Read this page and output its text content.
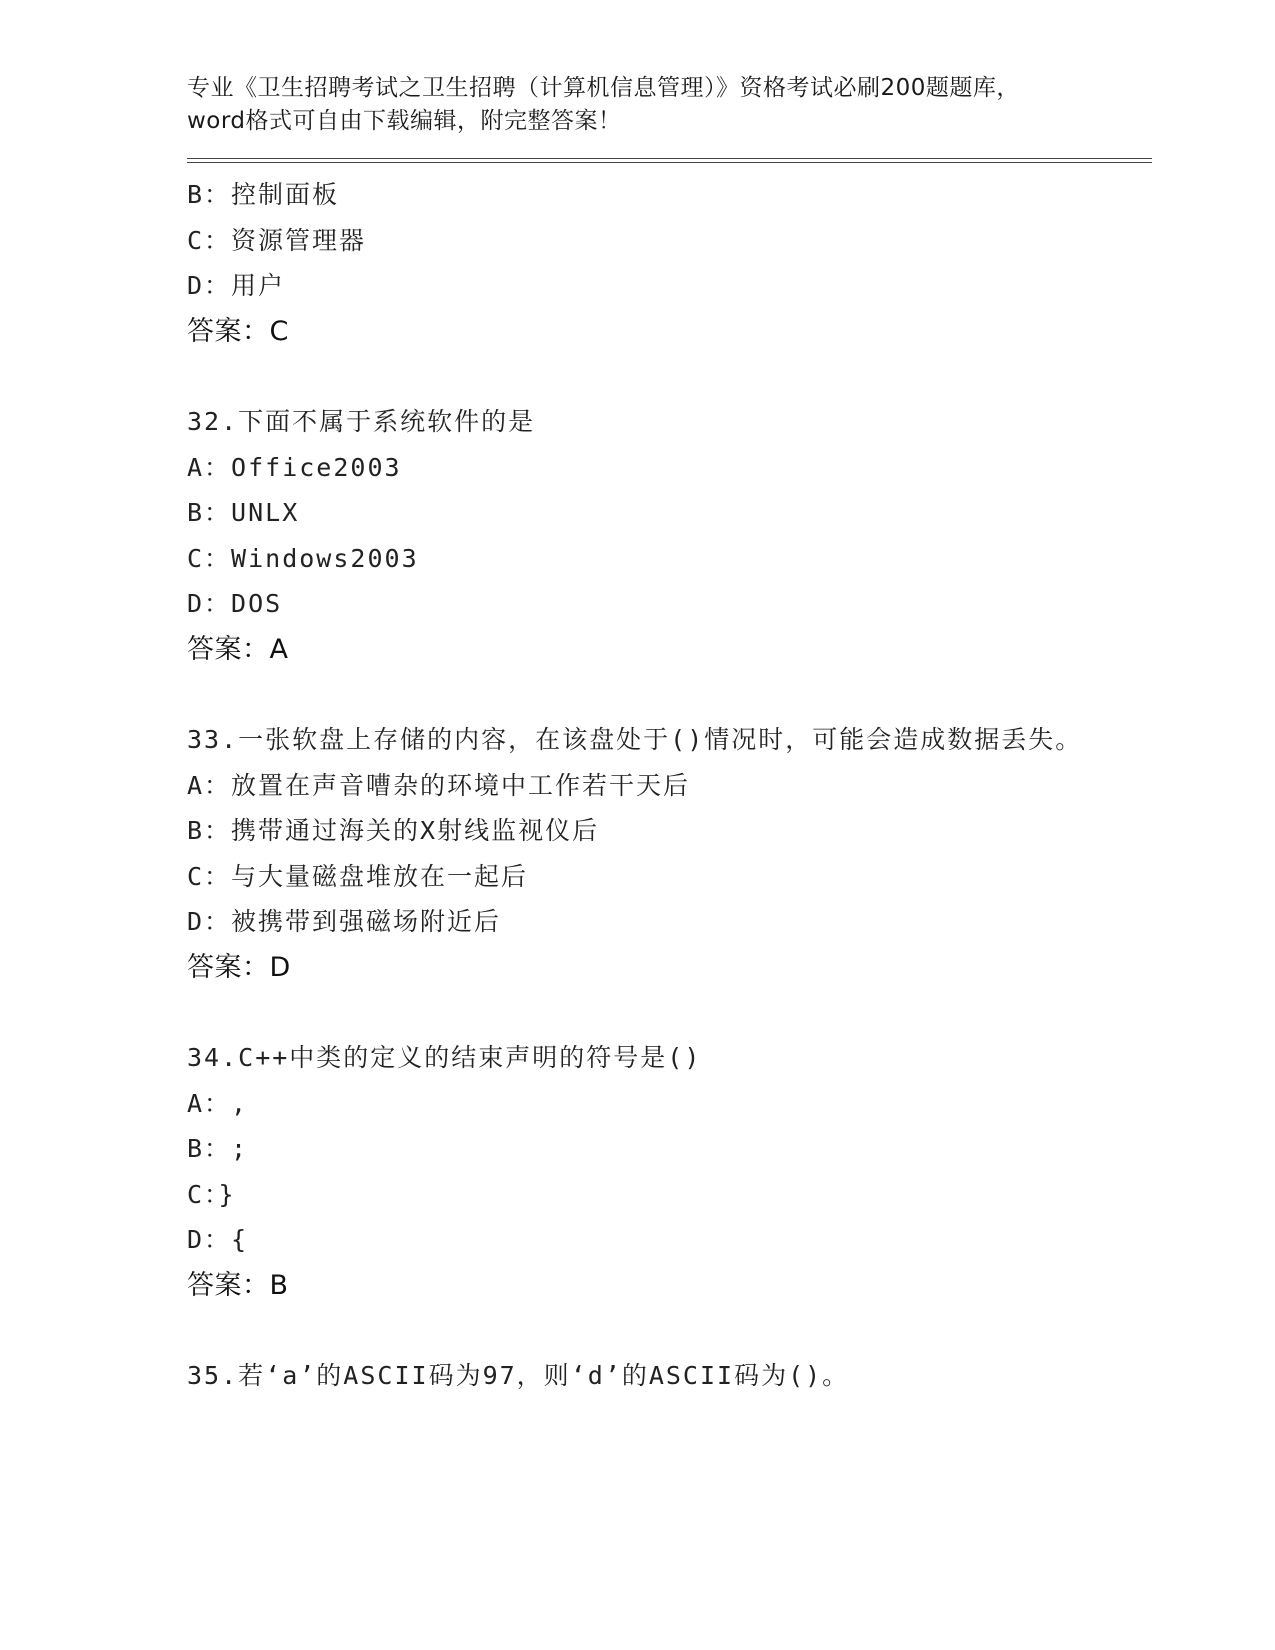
专业《卫生招聘考试之卫生招聘（计算机信息管理）》资格考试必刷200题题库，
word格式可自由下载编辑，附完整答案！
B：控制面板
C：资源管理器
D：用户
答案：C
32.下面不属于系统软件的是
A：Office2003
B：UNLX
C：Windows2003
D：DOS
答案：A
33.一张软盘上存储的内容，在该盘处于()情况时，可能会造成数据丢失。
A：放置在声音嘈杂的环境中工作若干天后
B：携带通过海关的X射线监视仪后
C：与大量磁盘堆放在一起后
D：被携带到强磁场附近后
答案：D
34.C++中类的定义的结束声明的符号是()
A：,
B：;
C：}
D：{
答案：B
35.若‘a’的ASCII码为97，则‘d’的ASCII码为()。
